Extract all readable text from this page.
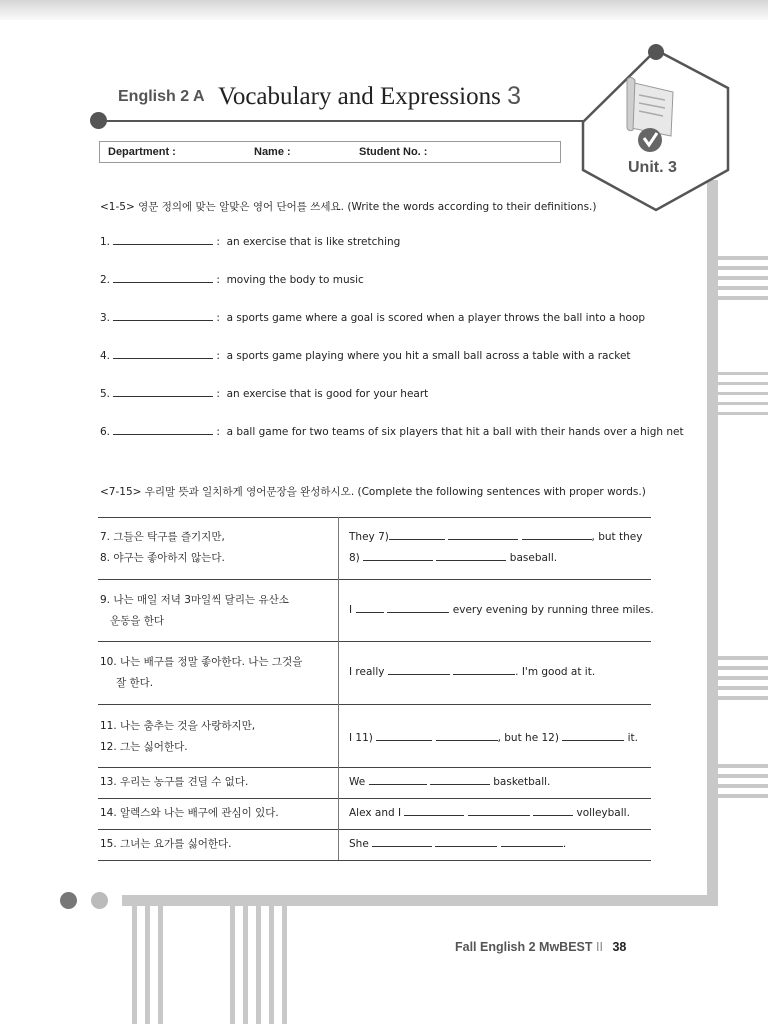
Unit. 3
English 2 A Vocabulary and Expressions 3
Department :	Name :	Student No. :
<1-5> 영문 정의에 맞는 알맞은 영어 단어를 쓰세요. (Write the words according to their definitions.)
1.	:  an exercise that is like stretching
2.	:  moving the body to music
3.	:  a sports game where a goal is scored when a player throws the ball into a hoop
4.	:  a sports game playing where you hit a small ball across a table with a racket
5.	:  an exercise that is good for your heart
6.	:  a ball game for two teams of six players that hit a ball with their hands over a high net
<7-15> 우리말 뜻과 일치하게 영어문장을 완성하시오. (Complete the following sentences with proper words.)
7. 그들은 탁구를 즐기지만,
8. 야구는 좋아하지 않는다.
They 7)	, but they
8)	baseball.
9. 나는 매일 저녁 3마일씩 달리는 유산소
운동을 한다
I	every evening by running three miles.
10. 나는 배구를 정말 좋아한다. 나는 그것을
잘 한다.
I really	. I'm good at it.
11. 나는 춤추는 것을 사랑하지만,
12. 그는 싫어한다.
I 11)	, but he 12)	it.
13. 우리는 농구를 견딜 수 없다.	We	basketball.
14. 알렉스와 나는 배구에 관심이 있다.	Alex and I	volleyball.
15. 그녀는 요가를 싫어한다.	She	.
Fall English 2 MwBEST II 38
